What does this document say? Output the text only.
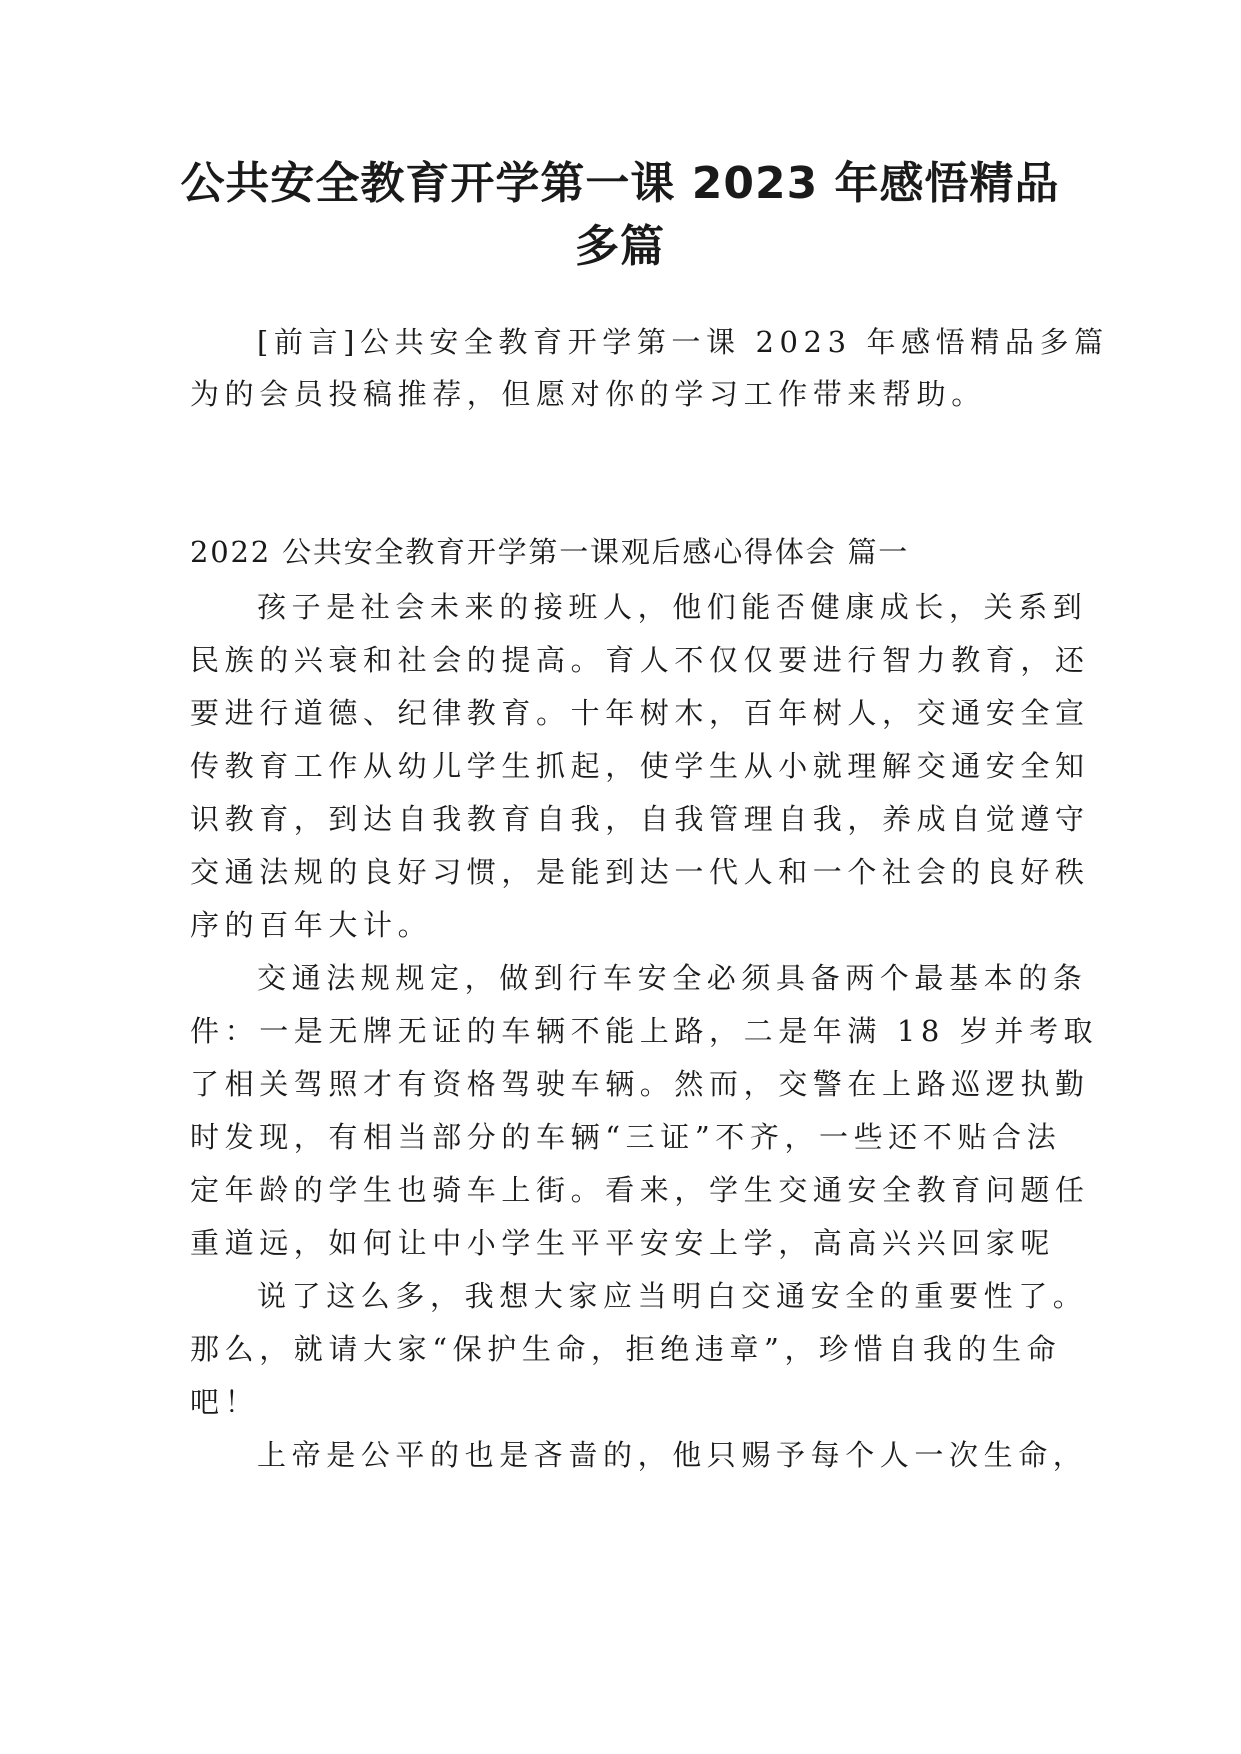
公共安全教育开学第一课 2023 年感悟精品
多篇

[前言]公共安全教育开学第一课 2023 年感悟精品多篇

为的会员投稿推荐，但愿对你的学习工作带来帮助。

2022 公共安全教育开学第一课观后感心得体会 篇一

孩子是社会未来的接班人，他们能否健康成长，关系到

民族的兴衰和社会的提高。育人不仅仅要进行智力教育，还

要进行道德、纪律教育。十年树木，百年树人，交通安全宣

传教育工作从幼儿学生抓起，使学生从小就理解交通安全知

识教育，到达自我教育自我，自我管理自我，养成自觉遵守

交通法规的良好习惯，是能到达一代人和一个社会的良好秩

序的百年大计。

交通法规规定，做到行车安全必须具备两个最基本的条

件：一是无牌无证的车辆不能上路，二是年满 18 岁并考取

了相关驾照才有资格驾驶车辆。然而，交警在上路巡逻执勤

时发现，有相当部分的车辆“三证”不齐，一些还不贴合法

定年龄的学生也骑车上街。看来，学生交通安全教育问题任

重道远，如何让中小学生平平安安上学，高高兴兴回家呢

说了这么多，我想大家应当明白交通安全的重要性了。

那么，就请大家“保护生命，拒绝违章”，珍惜自我的生命

吧！

上帝是公平的也是吝啬的，他只赐予每个人一次生命，
